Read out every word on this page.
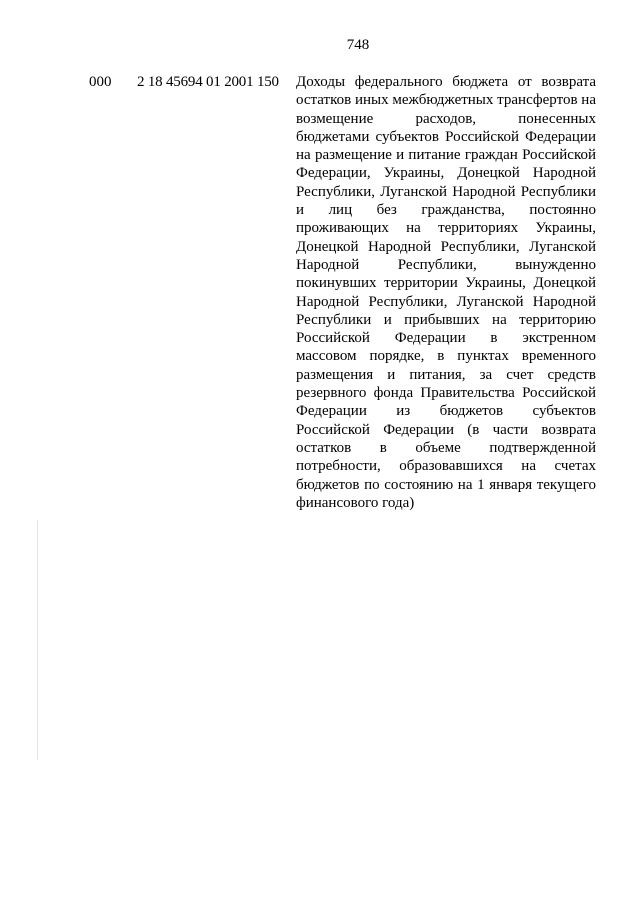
748
000 2 18 45694 01 2001 150 Доходы федерального бюджета от возврата остатков иных межбюджетных трансфертов на возмещение расходов, понесенных бюджетами субъектов Российской Федерации на размещение и питание граждан Российской Федерации, Украины, Донецкой Народной Республики, Луганской Народной Республики и лиц без гражданства, постоянно проживающих на территориях Украины, Донецкой Народной Республики, Луганской Народной Республики, вынужденно покинувших территории Украины, Донецкой Народной Республики, Луганской Народной Республики и прибывших на территорию Российской Федерации в экстренном массовом порядке, в пунктах временного размещения и питания, за счет средств резервного фонда Правительства Российской Федерации из бюджетов субъектов Российской Федерации (в части возврата остатков в объеме подтвержденной потребности, образовавшихся на счетах бюджетов по состоянию на 1 января текущего финансового года)
